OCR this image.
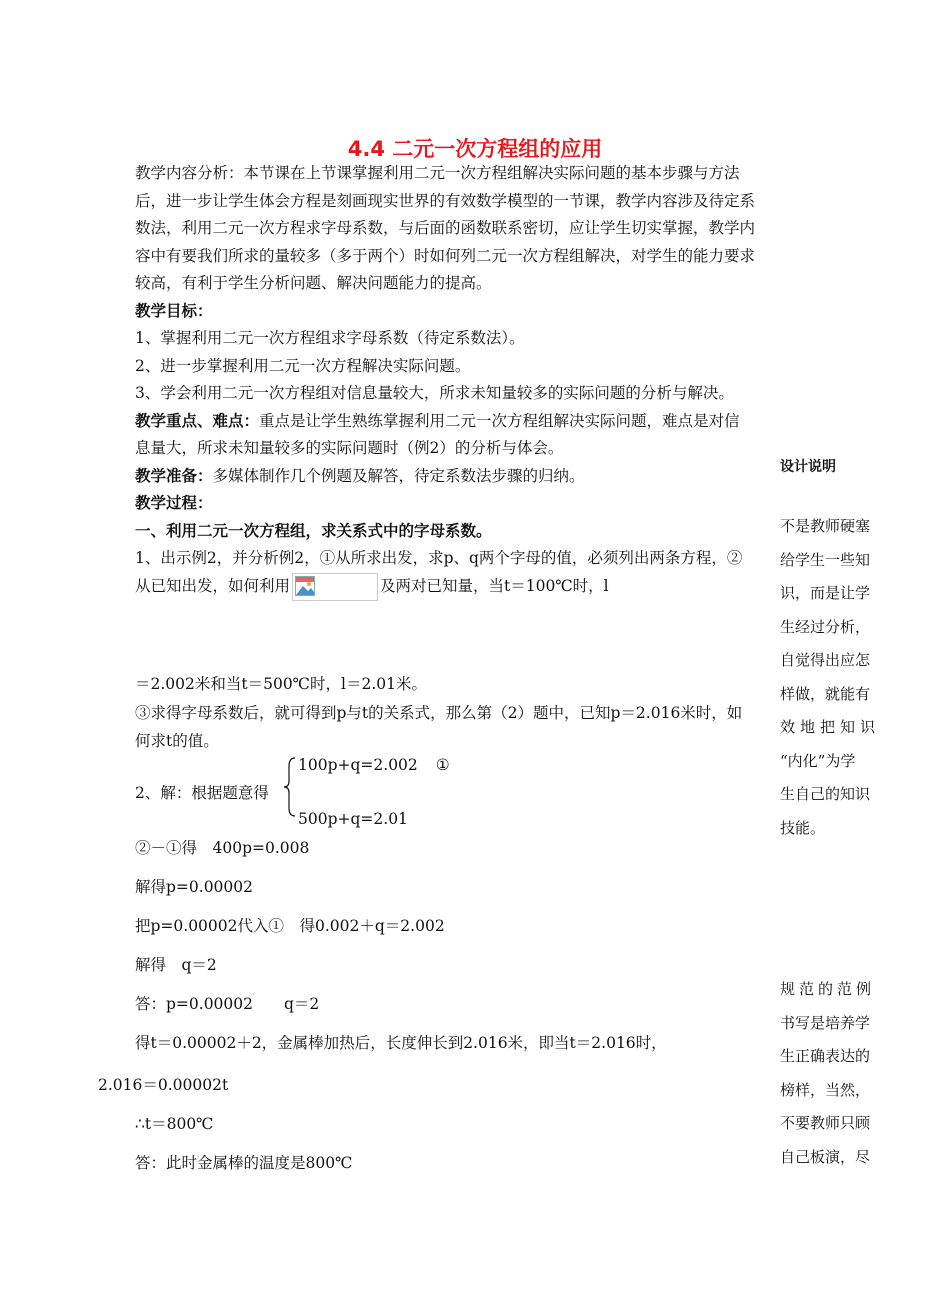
4.4 二元一次方程组的应用

教学内容分析：本节课在上节课掌握利用二元一次方程组解决实际问题的基本步骤与方法后，进一步让学生体会方程是刻画现实世界的有效数学模型的一节课，教学内容涉及待定系数法，利用二元一次方程求字母系数，与后面的函数联系密切，应让学生切实掌握，教学内容中有要我们所求的量较多（多于两个）时如何列二元一次方程组解决，对学生的能力要求较高，有利于学生分析问题、解决问题能力的提高。

教学目标：

1、掌握利用二元一次方程组求字母系数（待定系数法）。

2、进一步掌握利用二元一次方程解决实际问题。

3、学会利用二元一次方程组对信息量较大，所求未知量较多的实际问题的分析与解决。

教学重点、难点：重点是让学生熟练掌握利用二元一次方程组解决实际问题，难点是对信息量大，所求未知量较多的实际问题时（例2）的分析与体会。

教学准备：多媒体制作几个例题及解答，待定系数法步骤的归纳。

教学过程：

一、利用二元一次方程组，求关系式中的字母系数。

1、出示例2，并分析例2，①从所求出发，求p、q两个字母的值，必须列出两条方程，②从已知出发，如何利用	及两对已知量，当t＝100℃时，l

＝2.002米和当t＝500℃时，l＝2.01米。
③求得字母系数后，就可得到p与t的关系式，那么第（2）题中，已知p＝2.016米时，如何求t的值。
2、解：根据题意得
100p+q=2.002 ①
500p+q=2.01
②－①得　400p=0.008
解得p=0.00002
把p=0.00002代入①　得0.002＋q＝2.002
解得　q＝2
答：p=0.00002　　q＝2
得t＝0.00002＋2，金属棒加热后，长度伸长到2.016米，即当t＝2.016时，
2.016＝0.00002t
∴t＝800℃
答：此时金属棒的温度是800℃
设计说明
不是教师硬塞
给学生一些知
识，而是让学
生经过分析，
自觉得出应怎
样做，就能有
效地把知识
“内化”为学
生自己的知识
技能。
规范的范例
书写是培养学
生正确表达的
榜样，当然，
不要教师只顾
自己板演，尽
